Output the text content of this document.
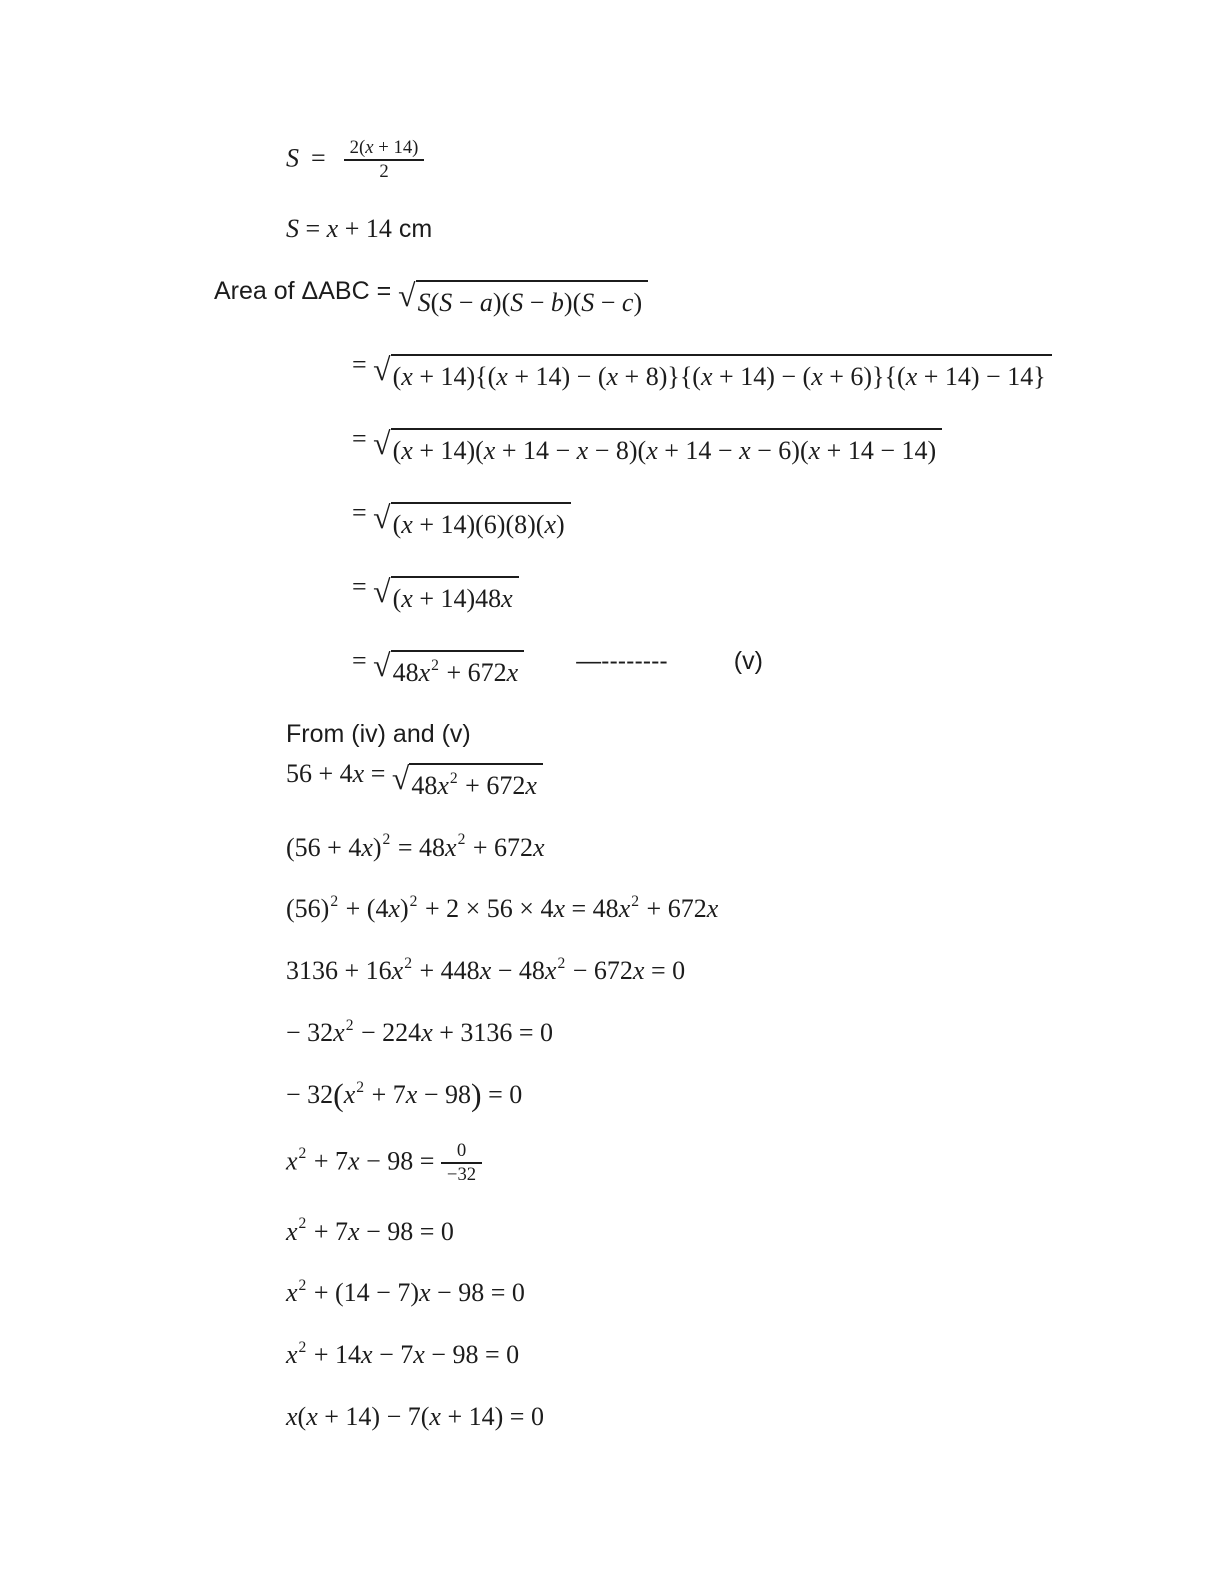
$S = \frac{2(x + 14)}{2}$
S = x + 14 cm
Area of ΔABC = √ S(S − a)(S − b)(S − c)
= √ (x + 14){(x + 14) − (x + 8)}{(x + 14) − (x + 6)}{(x + 14) − 14}
= √ (x + 14)(x + 14 − x − 8)(x + 14 − x − 6)(x + 14 − 14)
= √ (x + 14)(6)(8)(x)
= √ (x + 14)48x
= √ $48x^2 + 672x$ —--------	(v)
From (iv) and (v)
56 + 4x = √ $48x^2 + 672x$
$(56 + 4x)^2 = 48x^2 + 672x$
$(56)^2 + (4x)^2 + 2 \times 56 \times 4x = 48x^2 + 672x$
$3136 + 16x^2 + 448x - 48x^2 - 672x = 0$
− $32x^2 - 224x + 3136 = 0$
− $32(x^2 + 7x - 98) = 0$
$x^2 + 7x - 98 = \frac{0}{-32}$
$x^2 + 7x - 98 = 0$
$x^2 + (14 - 7)x - 98 = 0$
$x^2 + 14x - 7x - 98 = 0$
x(x + 14) − 7(x + 14) = 0
